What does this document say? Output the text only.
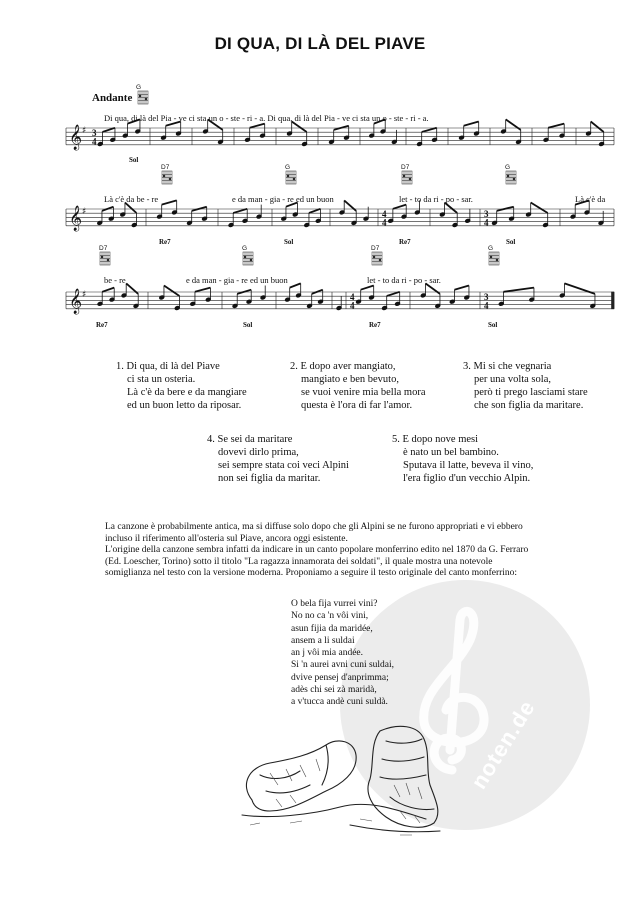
DI QUA, DI LÀ DEL PIAVE
Andante
𝄞 ♯ 3
4
𝄞 ♯	4
4
3
4
𝄞 ♯	4
4
3
4
G
Di qua, di là del Pia - ve ci sta un o - ste - ri - a. Di qua, di là del Pia - ve ci sta un o - ste - ri - a.
Sol
D7	G	D7	G
Là c'è da be - re	e da man - gia - re ed un buon	let - to da ri - po - sar.	Là c'è da
Re7	Sol	Re7	Sol
D7	G	D7	G
be - re	e da man - gia - re ed un buon	let - to da ri - po - sar.
Re7	Sol	Re7	Sol
1. Di qua, di là del Piave
ci sta un osteria.
Là c'è da bere e da mangiare
ed un buon letto da riposar.
2. E dopo aver mangiato,
mangiato e ben bevuto,
se vuoi venire mia bella mora
questa è l'ora di far l'amor.
3. Mi si che vegnaria
per una volta sola,
però ti prego lasciami stare
che son figlia da maritare.
4. Se sei da maritare
dovevi dirlo prima,
sei sempre stata coi veci Alpini
non sei figlia da maritar.
5. E dopo nove mesi
è nato un bel bambino.
Sputava il latte, beveva il vino,
l'era figlio d'un vecchio Alpin.
noten.de

La canzone è probabilmente antica, ma si diffuse solo dopo che gli Alpini se ne furono appropriati e vi ebbero incluso il riferimento all'osteria sul Piave, ancora oggi esistente.

L'origine della canzone sembra infatti da indicare in un canto popolare monferrino edito nel 1870 da G. Ferraro (Ed. Loescher, Torino) sotto il titolo "La ragazza innamorata dei soldati", il quale mostra una notevole somiglianza nel testo con la versione moderna. Proponiamo a seguire il testo originale del canto monferrino:

O bela fija vurrei vini?
No no ca 'n vôi vini,
asun fijia da maridée,
ansem a li suldai
an j vôi mia andée.
Si 'n aurei avni cuni suldai,
dvive pensej d'anprimma;
adès chi sei zà maridà,
a v'tucca andè cuni suldà.
